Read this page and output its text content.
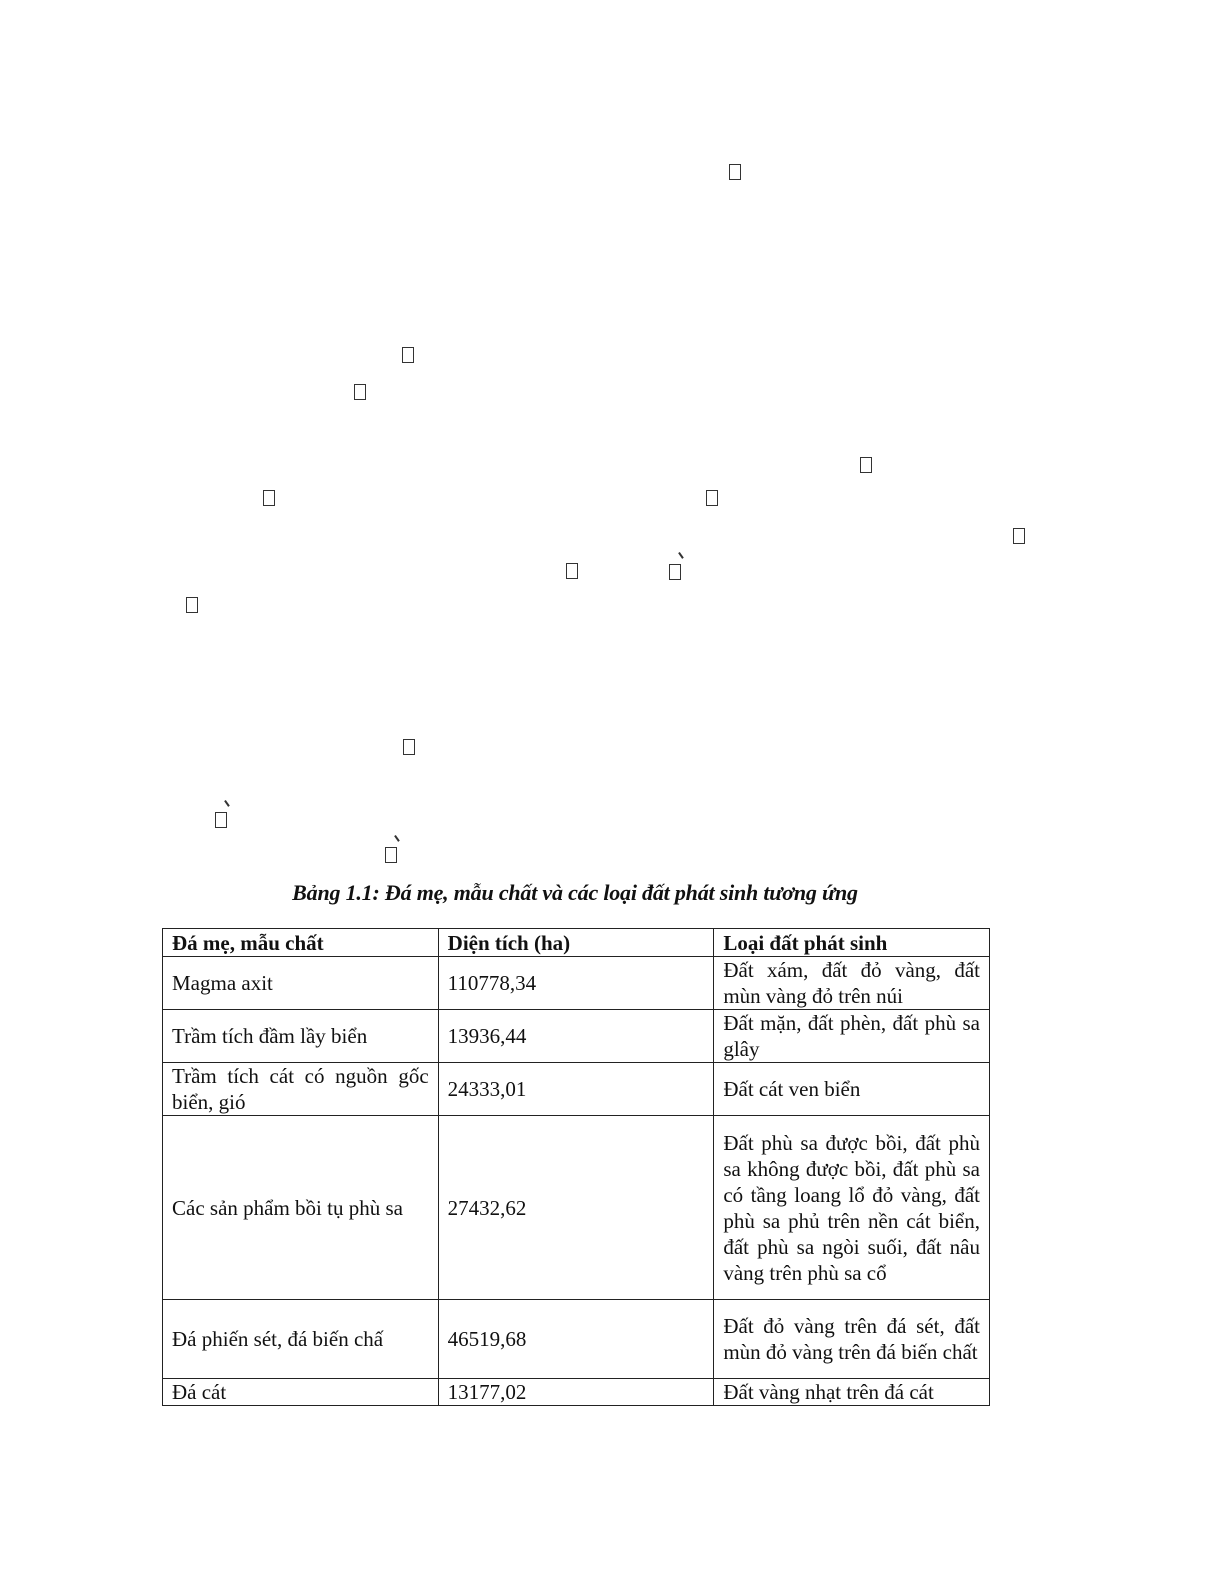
Bảng 1.1: Đá mẹ, mẫu chất và các loại đất phát sinh tương ứng
Đá mẹ, mẫu chất	Diện tích (ha)	Loại đất phát sinh
Magma axit	110778,34	Đất xám, đất đỏ vàng, đất mùn vàng đỏ trên núi
Trầm tích đầm lầy biển	13936,44	Đất mặn, đất phèn, đất phù sa glây
Trầm tích cát có nguồn gốc biển, gió	24333,01	Đất cát ven biển
Các sản phẩm bồi tụ phù sa	27432,62	Đất phù sa được bồi, đất phù sa không được bồi, đất phù sa có tầng loang lổ đỏ vàng, đất phù sa phủ trên nền cát biển, đất phù sa ngòi suối, đất nâu vàng trên phù sa cổ
Đá phiến sét, đá biến chấ	46519,68	Đất đỏ vàng trên đá sét, đất mùn đỏ vàng trên đá biến chất
Đá cát	13177,02	Đất vàng nhạt trên đá cát
